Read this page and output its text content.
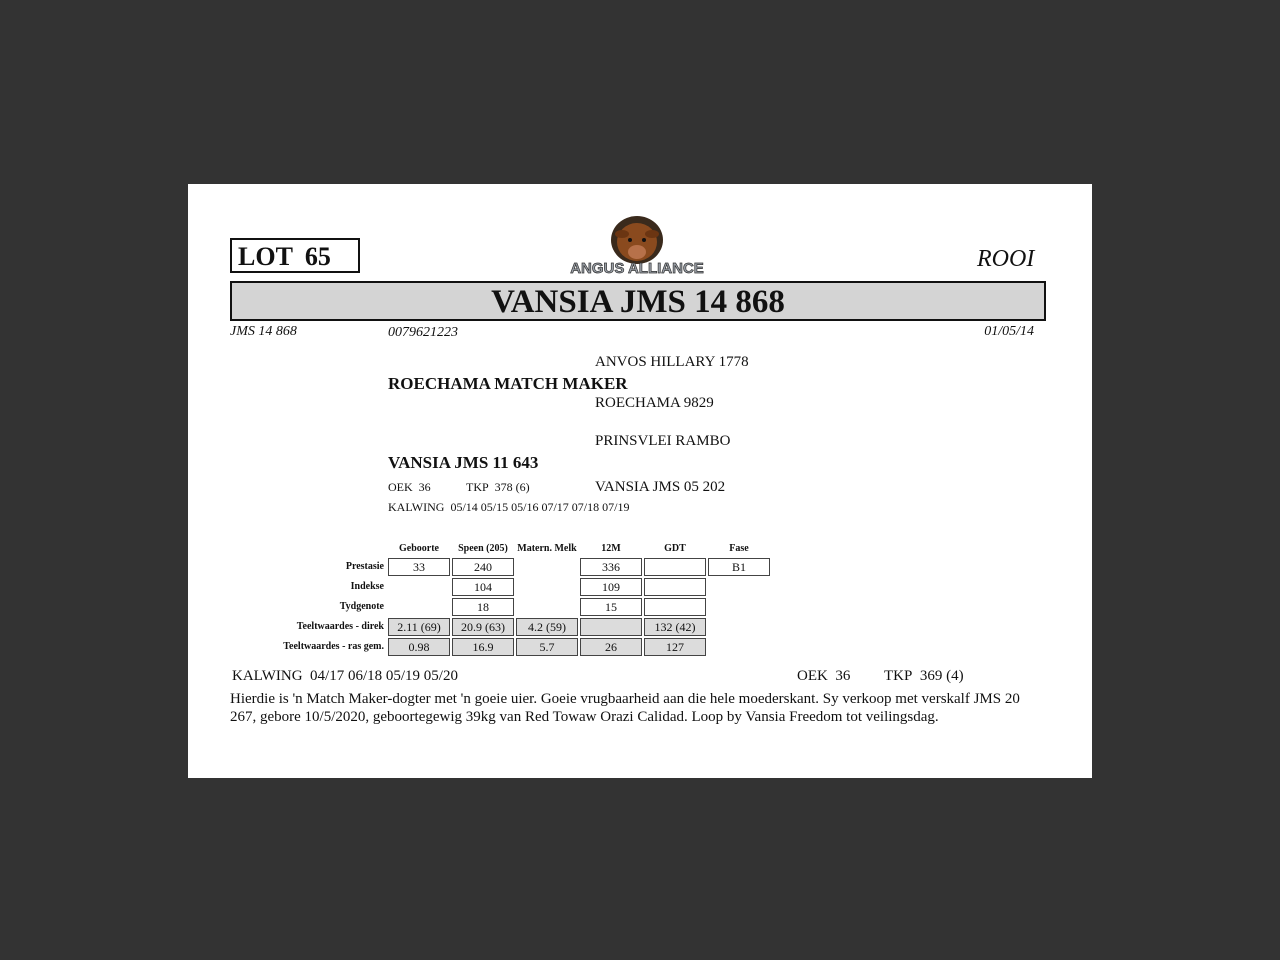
LOT 65	ANGUS ALLIANCE	ROOI
VANSIA JMS 14 868
JMS 14 868	0079621223	01/05/14
ANVOS HILLARY 1778
ROECHAMA MATCH MAKER
ROECHAMA 9829
PRINSVLEI RAMBO
VANSIA JMS 11 643
OEK 36	TKP 378 (6)	VANSIA JMS 05 202
KALWING 05/14 05/15 05/16 07/17 07/18 07/19
	Geboorte	Speen (205)	Matern. Melk	12M	GDT	Fase
Prestasie	33	240		336		B1
Indekse		104		109		
Tydgenote		18		15		
Teeltwaardes - direk	2.11 (69)	20.9 (63)	4.2 (59)		132 (42)	
Teeltwaardes - ras gem.	0.98	16.9	5.7	26	127	
KALWING 04/17 06/18 05/19 05/20	OEK 36 TKP 369 (4)
Hierdie is 'n Match Maker-dogter met 'n goeie uier. Goeie vrugbaarheid aan die hele moederskant. Sy verkoop met verskalf JMS 20 267, gebore 10/5/2020, geboortegewig 39kg van Red Towaw Orazi Calidad. Loop by Vansia Freedom tot veilingsdag.
